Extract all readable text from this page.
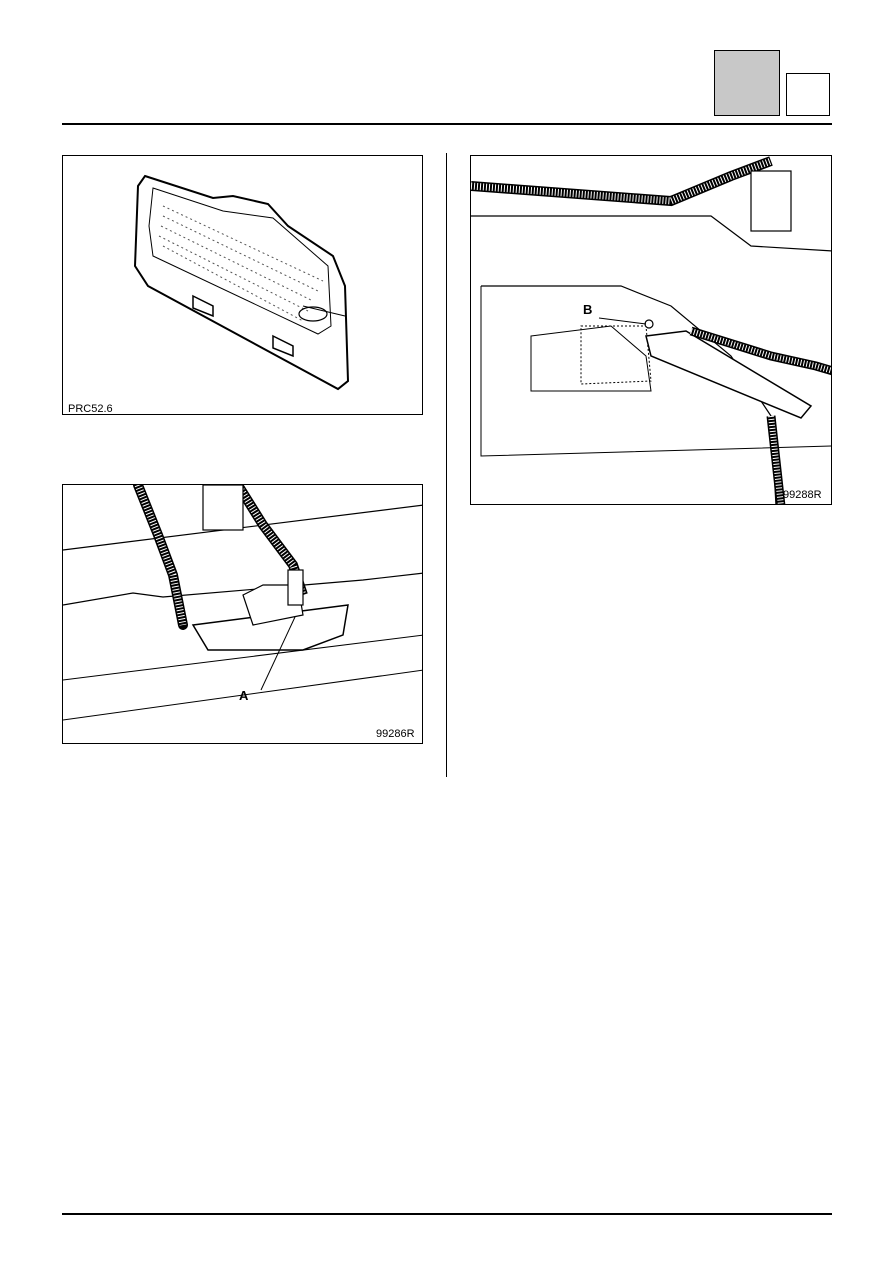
PRC52.6
A
99286R
B
99288R
